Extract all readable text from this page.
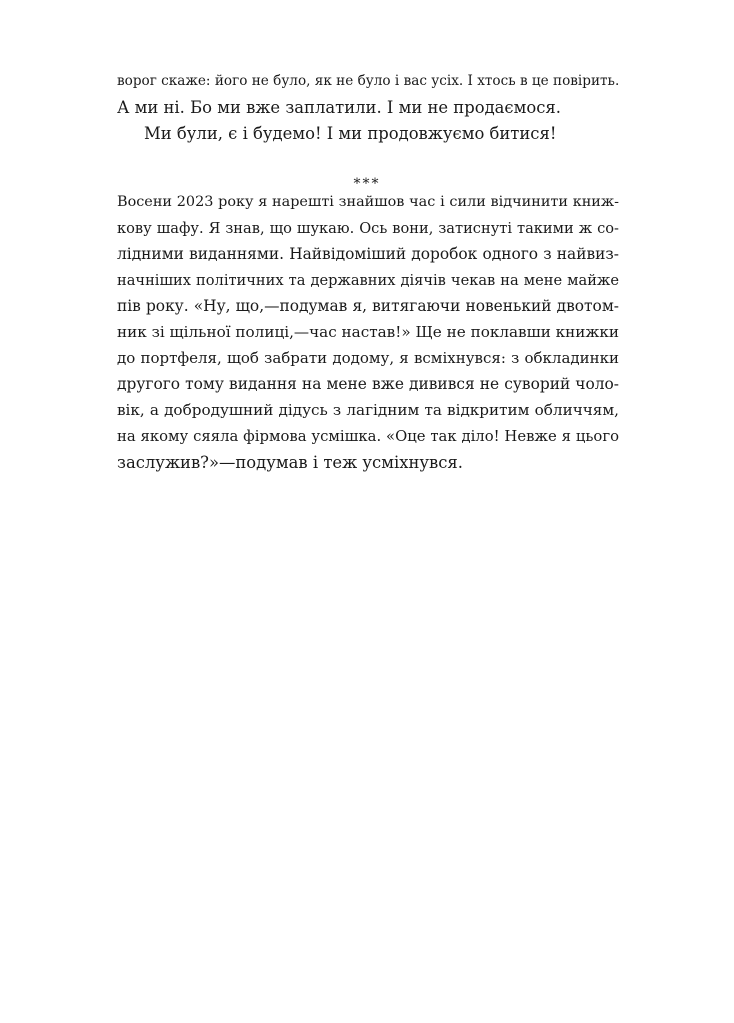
ворог скаже: його не було, як не було і вас усіх. І хтось в це повірить.

А ми ні. Бо ми вже заплатили. І ми не продаємося.

Ми були, є і будемо! І ми продовжуємо битися!

***

Восени 2023 року я нарешті знайшов час і сили відчинити книж-

кову шафу. Я знав, що шукаю. Ось вони, затиснуті такими ж со-

лідними виданнями. Найвідоміший доробок одного з найвиз-

начніших політичних та державних діячів чекав на мене майже

пів року. «Ну, що,—подумав я, витягаючи новенький двотом-

ник зі щільної полиці,—час настав!» Ще не поклавши книжки

до портфеля, щоб забрати додому, я всміхнувся: з обкладинки

другого тому видання на мене вже дивився не суворий чоло-

вік, а добродушний дідусь з лагідним та відкритим обличчям,

на якому сяяла фірмова усмішка. «Оце так діло! Невже я цього

заслужив?»—подумав і теж усміхнувся.
